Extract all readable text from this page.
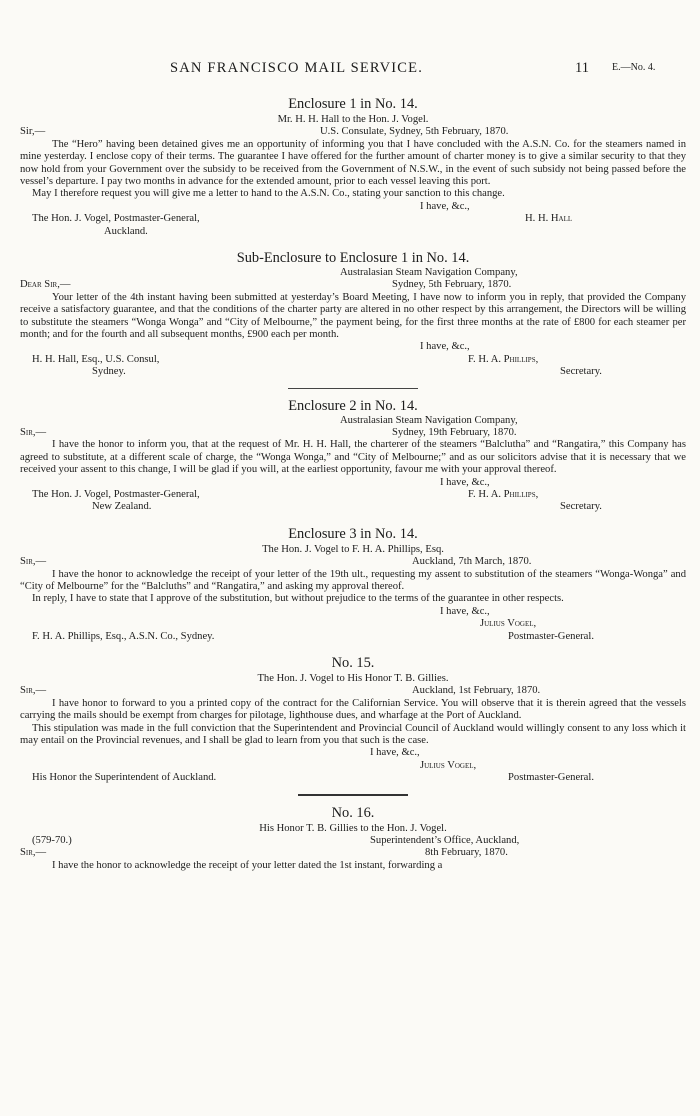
SAN FRANCISCO MAIL SERVICE.	11 E.—No. 4.
Enclosure 1 in No. 14.
Mr. H. H. Hall to the Hon. J. Vogel.
Sir,—	U.S. Consulate, Sydney, 5th February, 1870.

The “Hero” having been detained gives me an opportunity of informing you that I have concluded with the A.S.N. Co. for the steamers named in mine yesterday. I enclose copy of their terms. The guarantee I have offered for the further amount of charter money is to give a similar security to that they now hold from your Government over the subsidy to be received from the Government of N.S.W., in the event of such subsidy not being passed before the vessel’s departure. I pay two months in advance for the extended amount, prior to each vessel leaving this port.

May I therefore request you will give me a letter to hand to the A.S.N. Co., stating your sanction to this change.

I have, &c.,
The Hon. J. Vogel, Postmaster-General,	H. H. Hall
Auckland.
Sub-Enclosure to Enclosure 1 in No. 14.
Australasian Steam Navigation Company,
Dear Sir,—	Sydney, 5th February, 1870.

Your letter of the 4th instant having been submitted at yesterday’s Board Meeting, I have now to inform you in reply, that provided the Company receive a satisfactory guarantee, and that the conditions of the charter party are altered in no other respect by this arrangement, the Directors will be willing to substitute the steamers “Wonga Wonga” and “City of Melbourne,” the payment being, for the first three months at the rate of £800 for each steamer per month; and for the fourth and all subsequent months, £900 each per month.

I have, &c.,
H. H. Hall, Esq., U.S. Consul,	F. H. A. Phillips,
Sydney.	Secretary.
Enclosure 2 in No. 14.
Australasian Steam Navigation Company,
Sir,—	Sydney, 19th February, 1870.

I have the honor to inform you, that at the request of Mr. H. H. Hall, the charterer of the steamers “Balclutha” and “Rangatira,” this Company has agreed to substitute, at a different scale of charge, the “Wonga Wonga,” and “City of Melbourne;” and as our solicitors advise that it is necessary that we received your assent to this change, I will be glad if you will, at the earliest opportunity, favour me with your approval thereof.

I have, &c.,
The Hon. J. Vogel, Postmaster-General,	F. H. A. Phillips,
New Zealand.	Secretary.
Enclosure 3 in No. 14.
The Hon. J. Vogel to F. H. A. Phillips, Esq.
Sir,—	Auckland, 7th March, 1870.

I have the honor to acknowledge the receipt of your letter of the 19th ult., requesting my assent to substitution of the steamers “Wonga-Wonga” and “City of Melbourne” for the “Balcluths” and “Rangatira,” and asking my approval thereof.

In reply, I have to state that I approve of the substitution, but without prejudice to the terms of the guarantee in other respects.

I have, &c.,
Julius Vogel,
F. H. A. Phillips, Esq., A.S.N. Co., Sydney.	Postmaster-General.
No. 15.
The Hon. J. Vogel to His Honor T. B. Gillies.
Sir,—	Auckland, 1st February, 1870.

I have honor to forward to you a printed copy of the contract for the Californian Service. You will observe that it is therein agreed that the vessels carrying the mails should be exempt from charges for pilotage, lighthouse dues, and wharfage at the Port of Auckland.

This stipulation was made in the full conviction that the Superintendent and Provincial Council of Auckland would willingly consent to any loss which it may entail on the Provincial revenues, and I shall be glad to learn from you that such is the case.

I have, &c.,
Julius Vogel,
His Honor the Superintendent of Auckland.	Postmaster-General.
No. 16.
His Honor T. B. Gillies to the Hon. J. Vogel.
(579-70.)	Superintendent’s Office, Auckland,
Sir,—	8th February, 1870.

I have the honor to acknowledge the receipt of your letter dated the 1st instant, forwarding a
